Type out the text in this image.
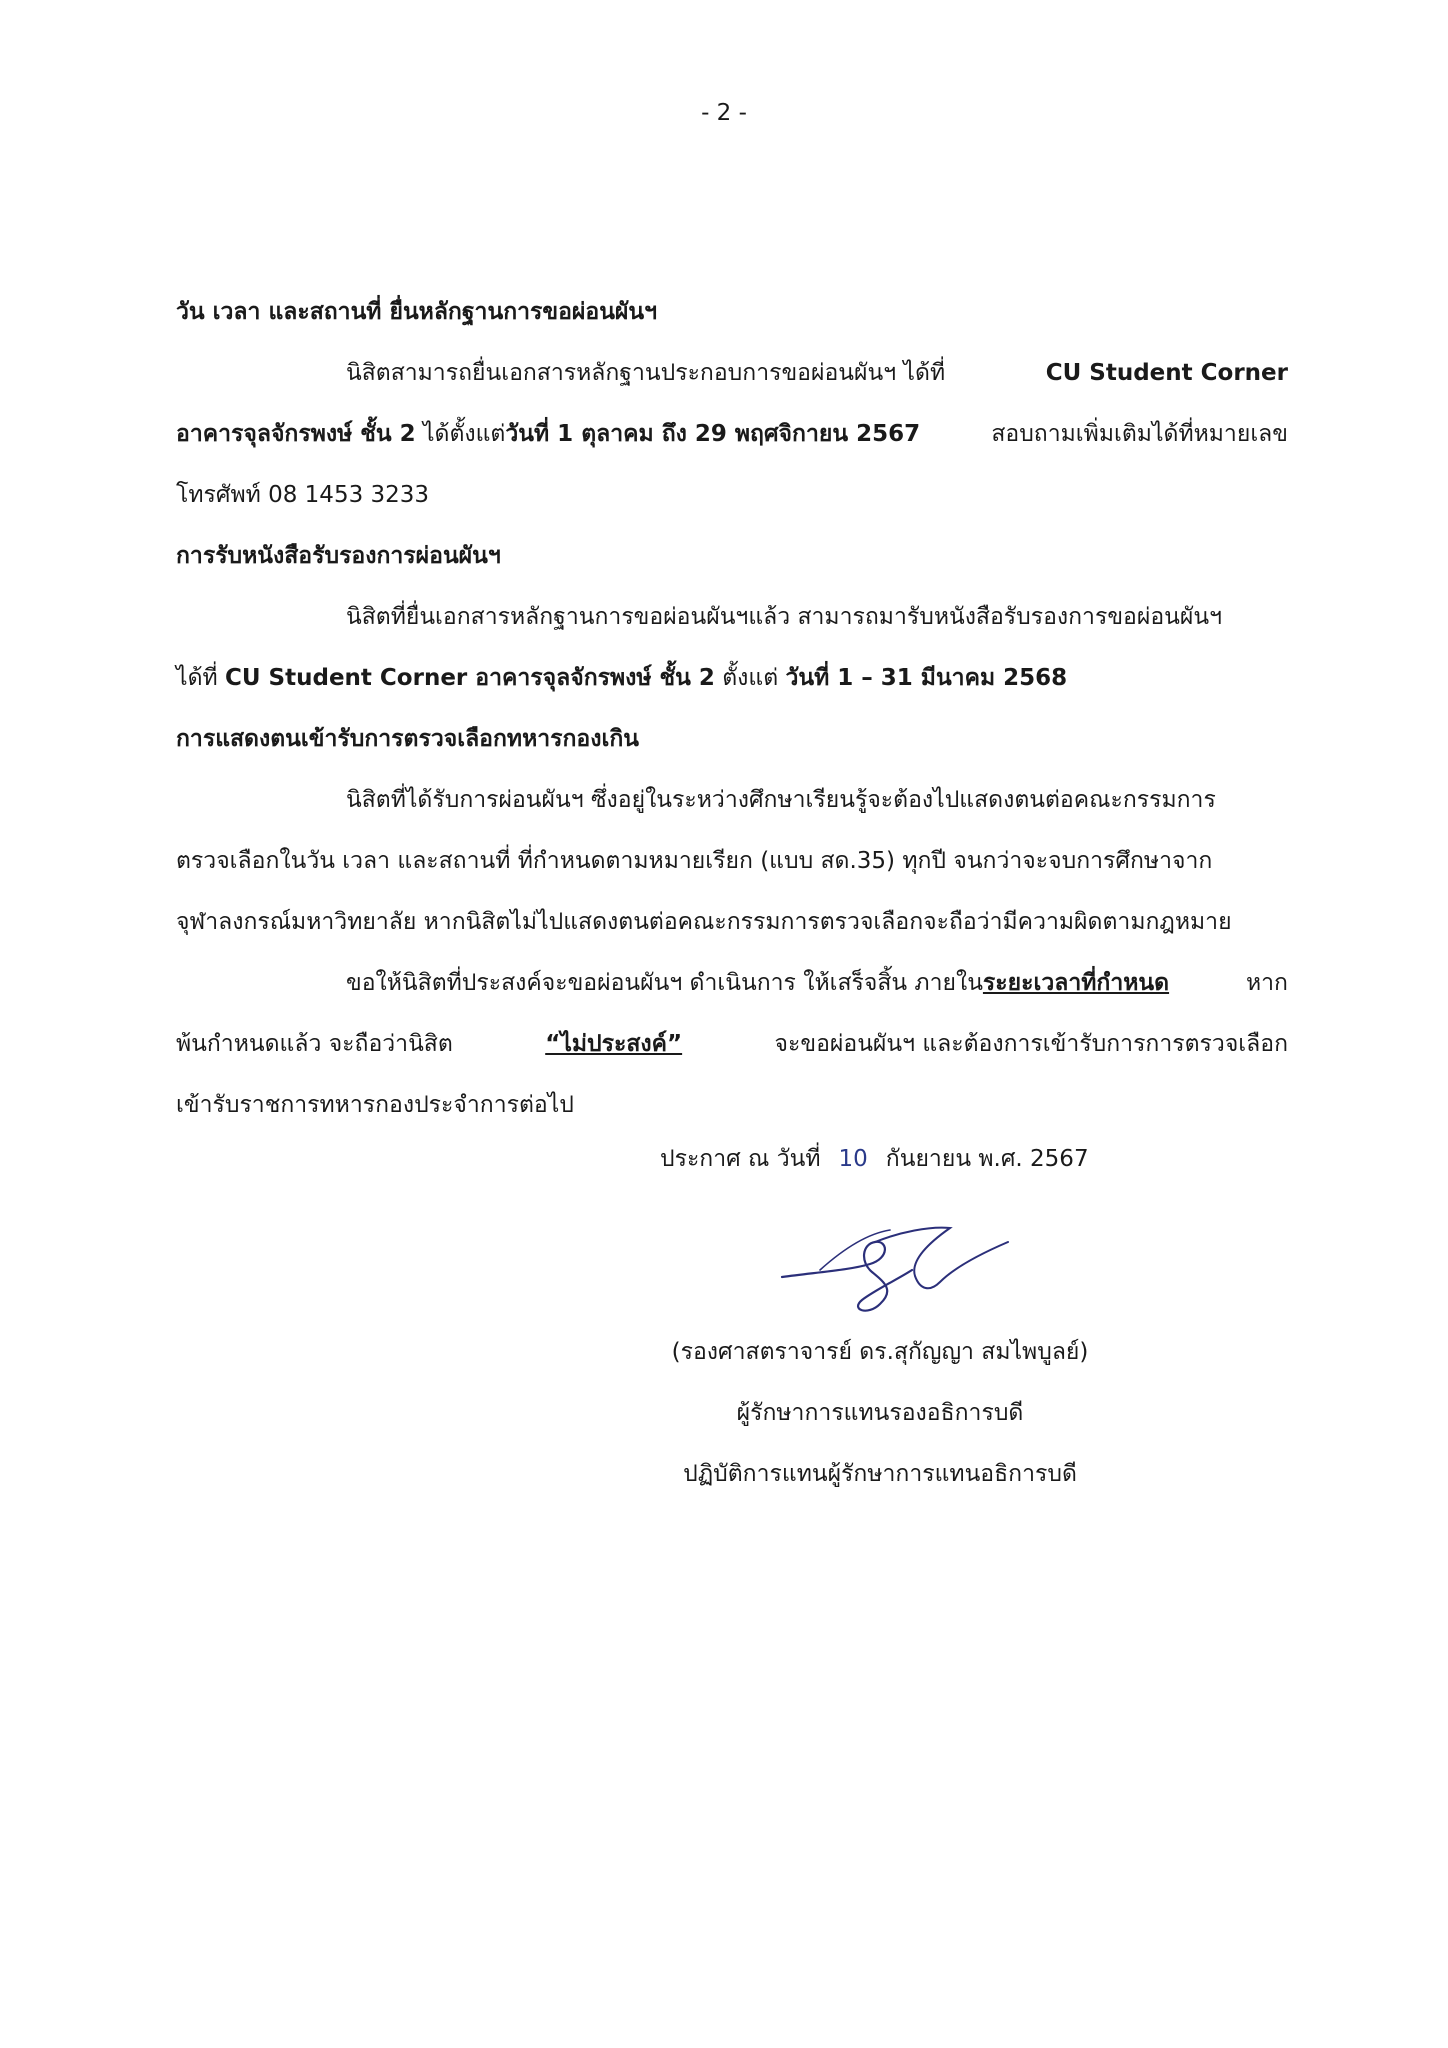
- 2 -
วัน เวลา และสถานที่ ยื่นหลักฐานการขอผ่อนผันฯ
นิสิตสามารถยื่นเอกสารหลักฐานประกอบการขอผ่อนผันฯ ได้ที่	CU Student Corner
อาคารจุลจักรพงษ์ ชั้น 2 ได้ตั้งแต่วันที่ 1 ตุลาคม ถึง 29 พฤศจิกายน 2567	สอบถามเพิ่มเติมได้ที่หมายเลข
โทรศัพท์ 08 1453 3233
การรับหนังสือรับรองการผ่อนผันฯ
นิสิตที่ยื่นเอกสารหลักฐานการขอผ่อนผันฯแล้ว สามารถมารับหนังสือรับรองการขอผ่อนผันฯ
ได้ที่ CU Student Corner อาคารจุลจักรพงษ์ ชั้น 2 ตั้งแต่ วันที่ 1 – 31 มีนาคม 2568
การแสดงตนเข้ารับการตรวจเลือกทหารกองเกิน
นิสิตที่ได้รับการผ่อนผันฯ ซึ่งอยู่ในระหว่างศึกษาเรียนรู้จะต้องไปแสดงตนต่อคณะกรรมการ
ตรวจเลือกในวัน เวลา และสถานที่ ที่กำหนดตามหมายเรียก (แบบ สด.35) ทุกปี จนกว่าจะจบการศึกษาจาก
จุฬาลงกรณ์มหาวิทยาลัย หากนิสิตไม่ไปแสดงตนต่อคณะกรรมการตรวจเลือกจะถือว่ามีความผิดตามกฎหมาย
ขอให้นิสิตที่ประสงค์จะขอผ่อนผันฯ ดำเนินการ ให้เสร็จสิ้น ภายในระยะเวลาที่กำหนด	หาก
พ้นกำหนดแล้ว จะถือว่านิสิต	“ไม่ประสงค์”	จะขอผ่อนผันฯ และต้องการเข้ารับการการตรวจเลือก
เข้ารับราชการทหารกองประจำการต่อไป
ประกาศ ณ วันที่ 10 กันยายน พ.ศ. 2567
(รองศาสตราจารย์ ดร.สุกัญญา สมไพบูลย์)
ผู้รักษาการแทนรองอธิการบดี
ปฏิบัติการแทนผู้รักษาการแทนอธิการบดี
